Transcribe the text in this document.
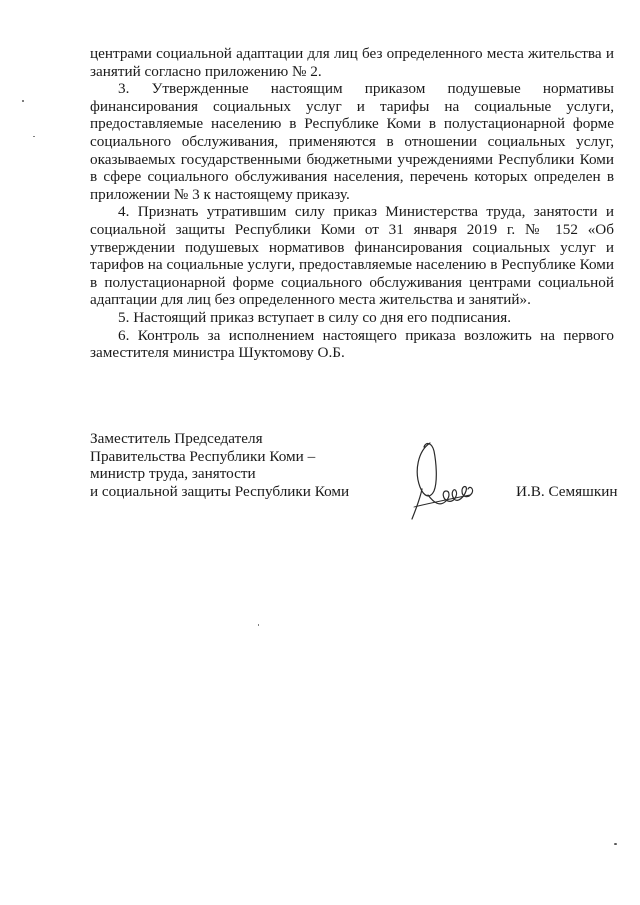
центрами социальной адаптации для лиц без определенного места жительства и занятий согласно приложению № 2.

3. Утвержденные настоящим приказом подушевые нормативы финансирования социальных услуг и тарифы на социальные услуги, предоставляемые населению в Республике Коми в полустационарной форме социального обслуживания, применяются в отношении социальных услуг, оказываемых государственными бюджетными учреждениями Республики Коми в сфере социального обслуживания населения, перечень которых определен в приложении № 3 к настоящему приказу.

4. Признать утратившим силу приказ Министерства труда, занятости и социальной защиты Республики Коми от 31 января 2019 г. № 152 «Об утверждении подушевых нормативов финансирования социальных услуг и тарифов на социальные услуги, предоставляемые населению в Республике Коми в полустационарной форме социального обслуживания центрами социальной адаптации для лиц без определенного места жительства и занятий».

5. Настоящий приказ вступает в силу со дня его подписания.

6. Контроль за исполнением настоящего приказа возложить на первого заместителя министра Шуктомову О.Б.

Заместитель Председателя
Правительства Республики Коми –
министр труда, занятости
и социальной защиты Республики Коми	И.В. Семяшкин
